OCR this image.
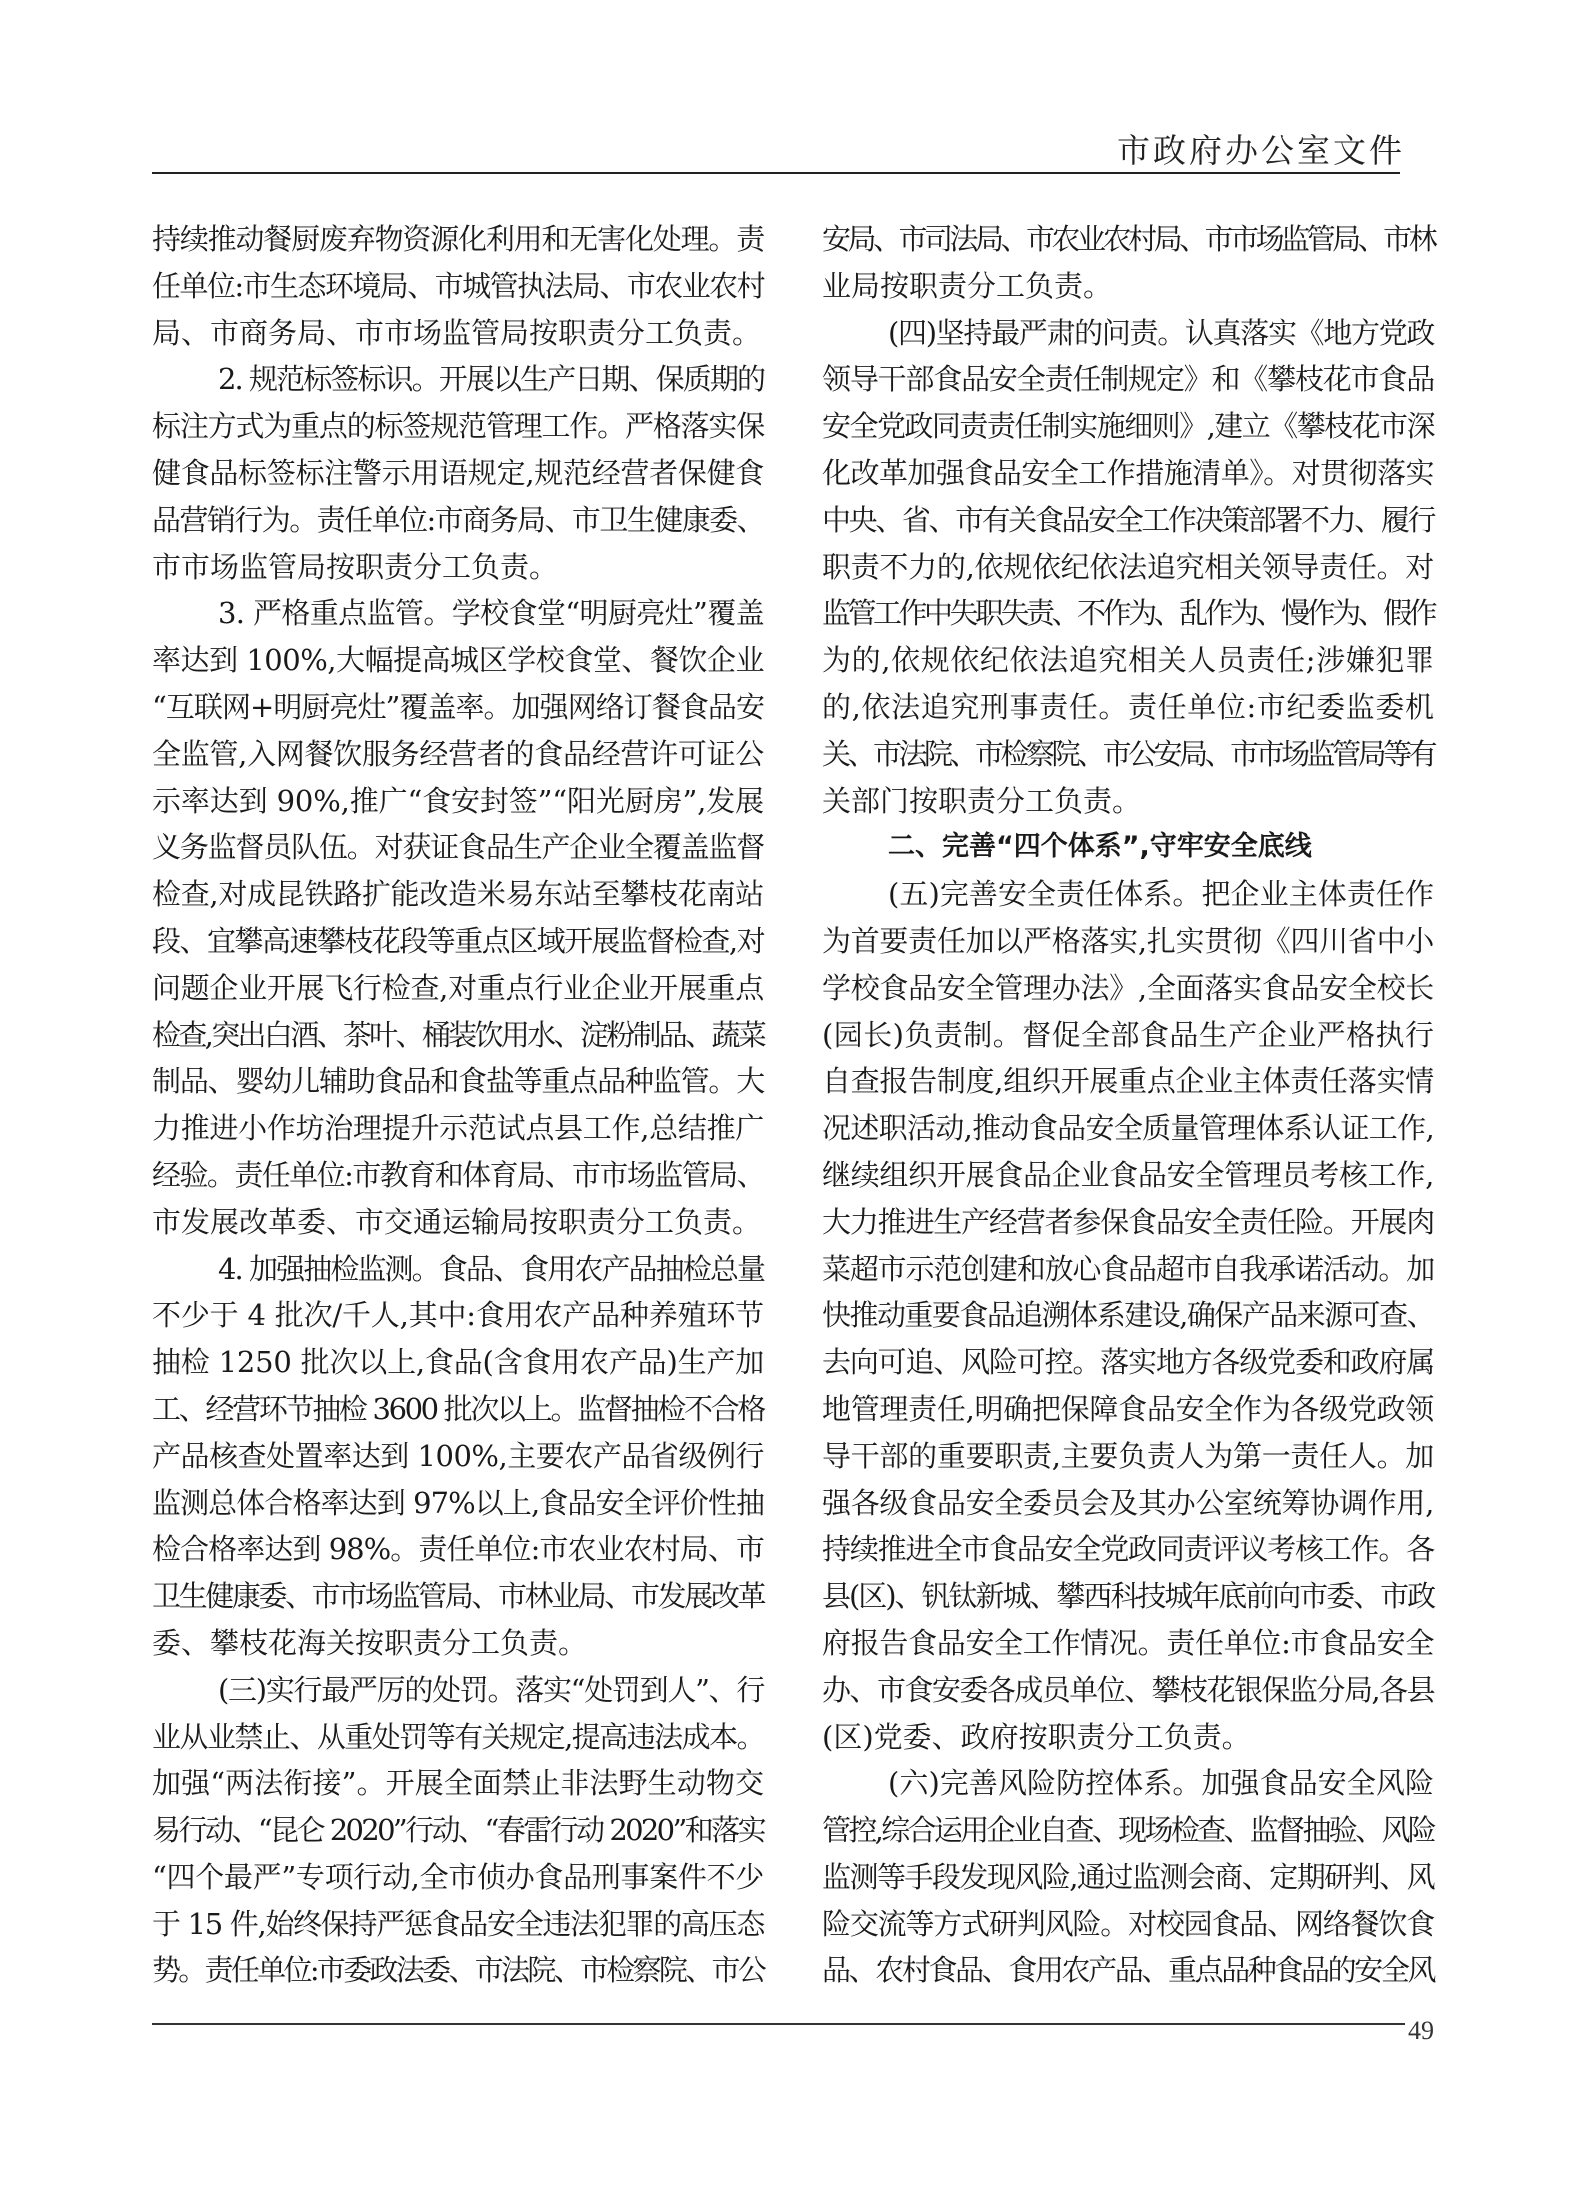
市政府办公室文件
持续推动餐厨废弃物资源化利用和无害化处理。责
任单位:市生态环境局、市城管执法局、市农业农村
局、市商务局、市市场监管局按职责分工负责。
2. 规范标签标识。开展以生产日期、保质期的
标注方式为重点的标签规范管理工作。严格落实保
健食品标签标注警示用语规定,规范经营者保健食
品营销行为。责任单位:市商务局、市卫生健康委、
市市场监管局按职责分工负责。
3. 严格重点监管。学校食堂“明厨亮灶”覆盖
率达到 100%,大幅提高城区学校食堂、餐饮企业
“互联网+明厨亮灶”覆盖率。加强网络订餐食品安
全监管,入网餐饮服务经营者的食品经营许可证公
示率达到 90%,推广“食安封签”“阳光厨房”,发展
义务监督员队伍。对获证食品生产企业全覆盖监督
检查,对成昆铁路扩能改造米易东站至攀枝花南站
段、宜攀高速攀枝花段等重点区域开展监督检查,对
问题企业开展飞行检查,对重点行业企业开展重点
检查,突出白酒、茶叶、桶装饮用水、淀粉制品、蔬菜
制品、婴幼儿辅助食品和食盐等重点品种监管。大
力推进小作坊治理提升示范试点县工作,总结推广
经验。责任单位:市教育和体育局、市市场监管局、
市发展改革委、市交通运输局按职责分工负责。
4. 加强抽检监测。食品、食用农产品抽检总量
不少于 4 批次/千人,其中:食用农产品种养殖环节
抽检 1250 批次以上,食品(含食用农产品)生产加
工、经营环节抽检 3600 批次以上。监督抽检不合格
产品核查处置率达到 100%,主要农产品省级例行
监测总体合格率达到 97%以上,食品安全评价性抽
检合格率达到 98%。责任单位:市农业农村局、市
卫生健康委、市市场监管局、市林业局、市发展改革
委、攀枝花海关按职责分工负责。
(三)实行最严厉的处罚。落实“处罚到人”、行
业从业禁止、从重处罚等有关规定,提高违法成本。
加强“两法衔接”。开展全面禁止非法野生动物交
易行动、“昆仑 2020”行动、“春雷行动 2020”和落实
“四个最严”专项行动,全市侦办食品刑事案件不少
于 15 件,始终保持严惩食品安全违法犯罪的高压态
势。责任单位:市委政法委、市法院、市检察院、市公
安局、市司法局、市农业农村局、市市场监管局、市林
业局按职责分工负责。
(四)坚持最严肃的问责。认真落实《地方党政
领导干部食品安全责任制规定》和《攀枝花市食品
安全党政同责责任制实施细则》,建立《攀枝花市深
化改革加强食品安全工作措施清单》。对贯彻落实
中央、省、市有关食品安全工作决策部署不力、履行
职责不力的,依规依纪依法追究相关领导责任。对
监管工作中失职失责、不作为、乱作为、慢作为、假作
为的,依规依纪依法追究相关人员责任;涉嫌犯罪
的,依法追究刑事责任。责任单位:市纪委监委机
关、市法院、市检察院、市公安局、市市场监管局等有
关部门按职责分工负责。
二、完善“四个体系”,守牢安全底线
(五)完善安全责任体系。把企业主体责任作
为首要责任加以严格落实,扎实贯彻《四川省中小
学校食品安全管理办法》,全面落实食品安全校长
(园长)负责制。督促全部食品生产企业严格执行
自查报告制度,组织开展重点企业主体责任落实情
况述职活动,推动食品安全质量管理体系认证工作,
继续组织开展食品企业食品安全管理员考核工作,
大力推进生产经营者参保食品安全责任险。开展肉
菜超市示范创建和放心食品超市自我承诺活动。加
快推动重要食品追溯体系建设,确保产品来源可查、
去向可追、风险可控。落实地方各级党委和政府属
地管理责任,明确把保障食品安全作为各级党政领
导干部的重要职责,主要负责人为第一责任人。加
强各级食品安全委员会及其办公室统筹协调作用,
持续推进全市食品安全党政同责评议考核工作。各
县(区)、钒钛新城、攀西科技城年底前向市委、市政
府报告食品安全工作情况。责任单位:市食品安全
办、市食安委各成员单位、攀枝花银保监分局,各县
(区)党委、政府按职责分工负责。
(六)完善风险防控体系。加强食品安全风险
管控,综合运用企业自查、现场检查、监督抽验、风险
监测等手段发现风险,通过监测会商、定期研判、风
险交流等方式研判风险。对校园食品、网络餐饮食
品、农村食品、食用农产品、重点品种食品的安全风
49
